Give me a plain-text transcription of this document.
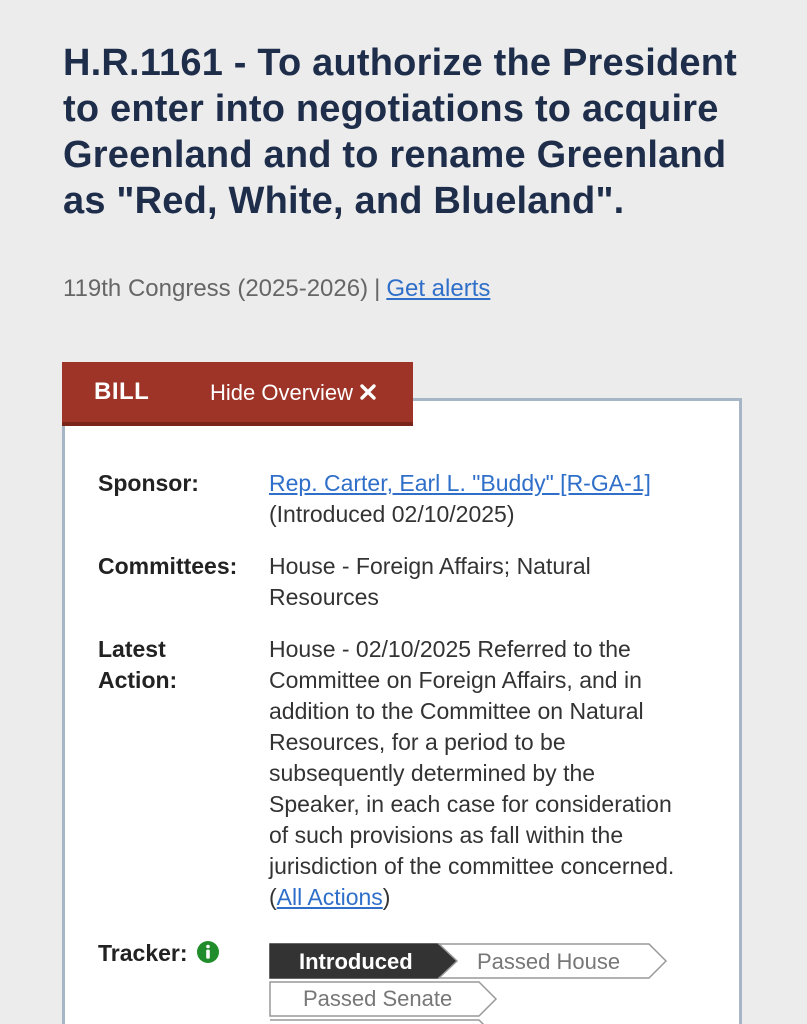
H.R.1161 - To authorize the President to enter into negotiations to acquire Greenland and to rename Greenland as "Red, White, and Blueland".
119th Congress (2025-2026) | Get alerts
BILL	Hide Overview
Sponsor:	Rep. Carter, Earl L. "Buddy" [R-GA-1]
(Introduced 02/10/2025)
Committees:	House - Foreign Affairs; Natural Resources
Latest Action:
House - 02/10/2025 Referred to the Committee on Foreign Affairs, and in addition to the Committee on Natural Resources, for a period to be subsequently determined by the Speaker, in each case for consideration of such provisions as fall within the jurisdiction of the committee concerned.  (All Actions)
Tracker:	Introduced	Passed House
Passed Senate
